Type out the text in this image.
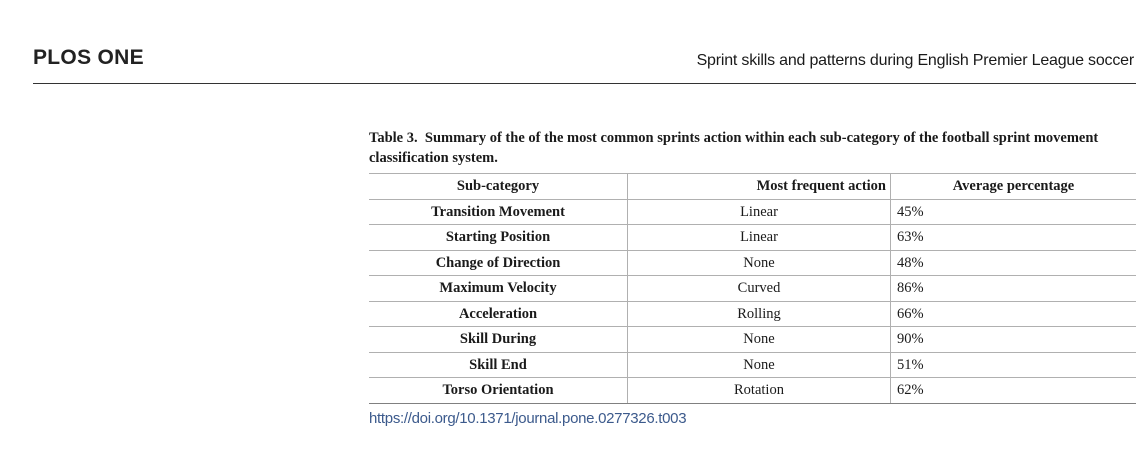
PLOS ONE	Sprint skills and patterns during English Premier League soccer
Table 3. Summary of the of the most common sprints action within each sub-category of the football sprint movement classification system.
Sub-category	Most frequent action	Average percentage
Transition Movement	Linear	45%
Starting Position	Linear	63%
Change of Direction	None	48%
Maximum Velocity	Curved	86%
Acceleration	Rolling	66%
Skill During	None	90%
Skill End	None	51%
Torso Orientation	Rotation	62%
https://doi.org/10.1371/journal.pone.0277326.t003
